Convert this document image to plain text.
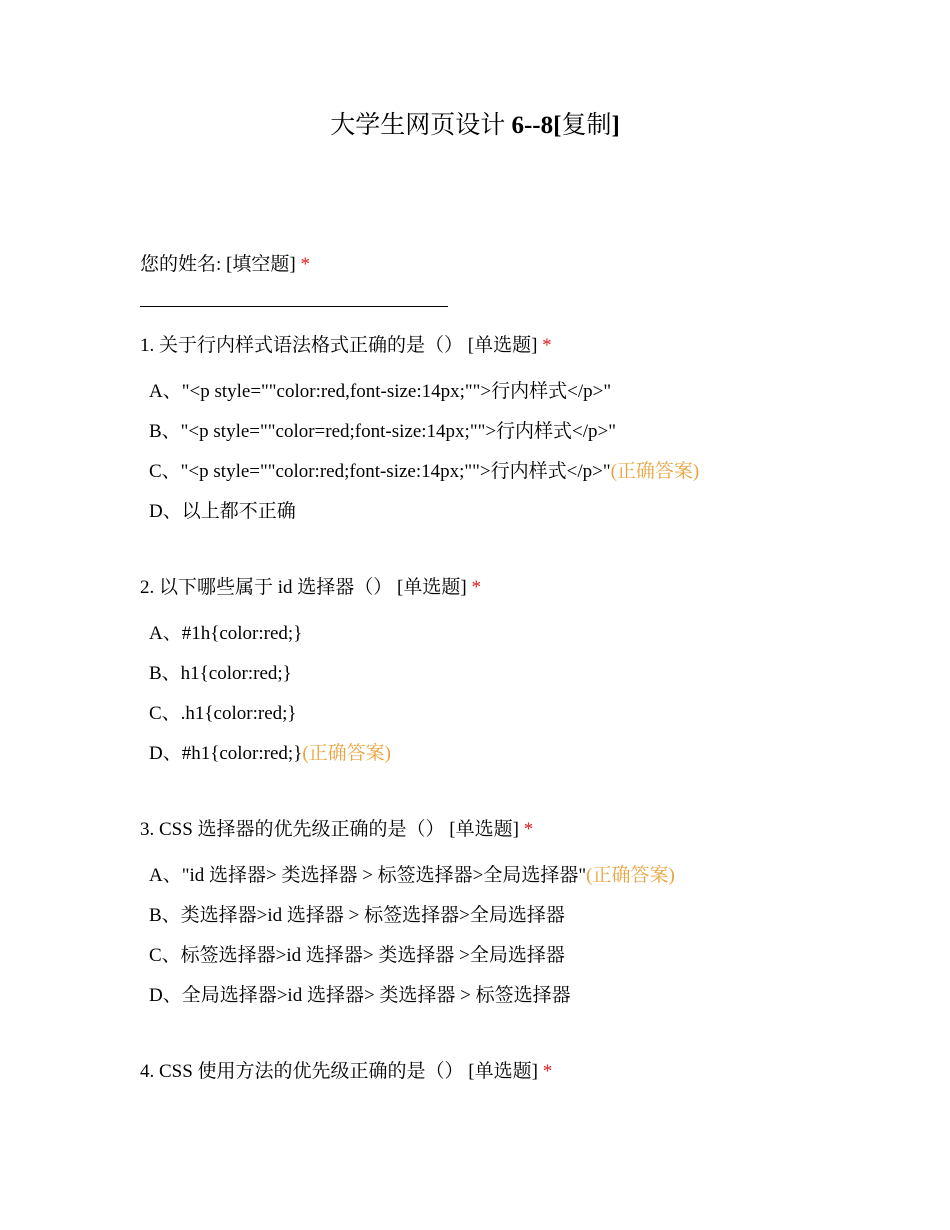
大学生网页设计 6--8[复制]
您的姓名: [填空题] *
1. 关于行内样式语法格式正确的是（） [单选题] *
A、"<p style=""color:red,font-size:14px;"">行内样式</p>"
B、"<p style=""color=red;font-size:14px;"">行内样式</p>"
C、"<p style=""color:red;font-size:14px;"">行内样式</p>"(正确答案)
D、以上都不正确
2. 以下哪些属于 id 选择器（） [单选题] *
A、#1h{color:red;}
B、h1{color:red;}
C、.h1{color:red;}
D、#h1{color:red;}(正确答案)
3. CSS 选择器的优先级正确的是（） [单选题] *
A、"id 选择器> 类选择器 > 标签选择器>全局选择器"(正确答案)
B、类选择器>id 选择器 > 标签选择器>全局选择器
C、标签选择器>id 选择器> 类选择器 >全局选择器
D、全局选择器>id 选择器> 类选择器 > 标签选择器
4. CSS 使用方法的优先级正确的是（） [单选题] *
